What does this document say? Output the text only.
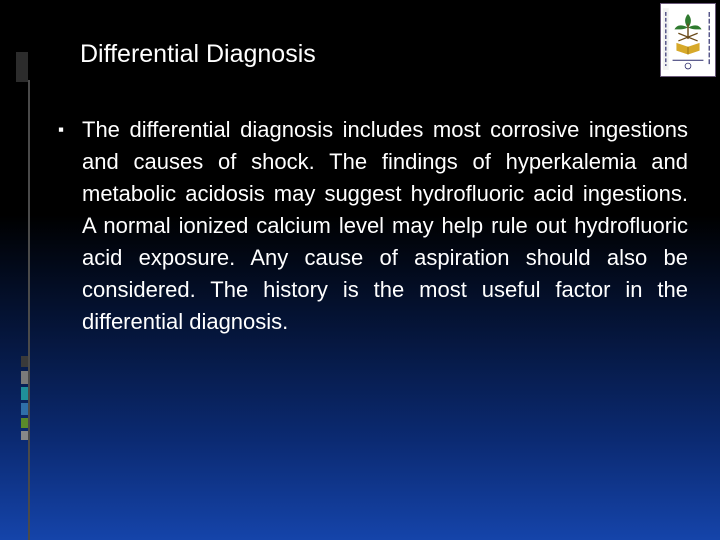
Differential Diagnosis
▪ The differential diagnosis includes most corrosive ingestions and causes of shock. The findings of hyperkalemia and metabolic acidosis may suggest hydrofluoric acid ingestions. A normal ionized calcium level may help rule out hydrofluoric acid exposure. Any cause of aspiration should also be considered. The history is the most useful factor in the differential diagnosis.
